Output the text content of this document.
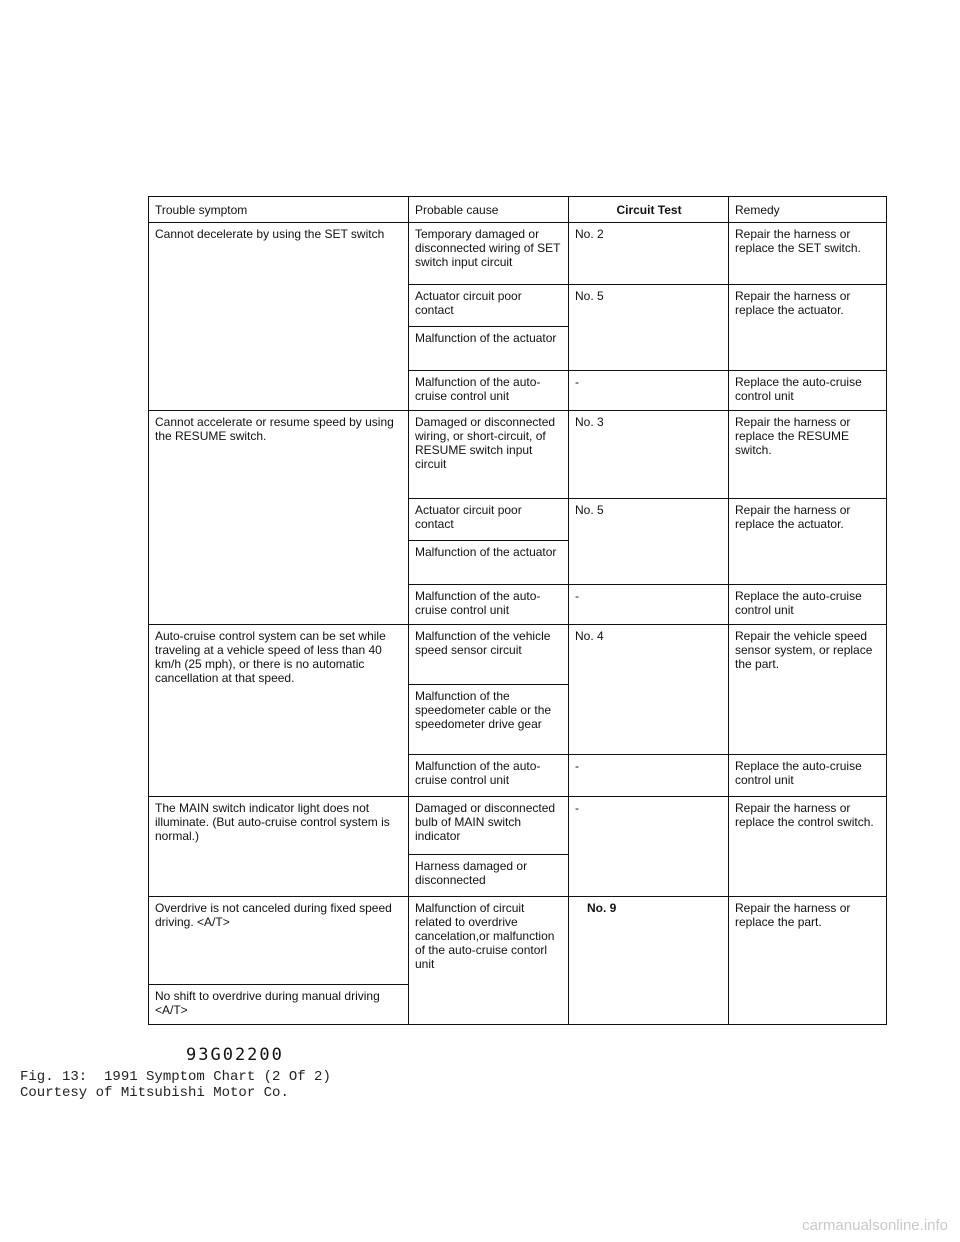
Trouble symptom	Probable cause	Circuit Test	Remedy
Cannot decelerate by using the SET switch	Temporary damaged or disconnected wiring of SET switch input circuit	No. 2	Repair the harness or replace the SET switch.
	Actuator circuit poor contact	No. 5	Repair the harness or replace the actuator.
	Malfunction of the actuator		
	Malfunction of the auto-cruise control unit	-	Replace the auto-cruise control unit
Cannot accelerate or resume speed by using the RESUME switch.	Damaged or disconnected wiring, or short-circuit, of RESUME switch input circuit	No. 3	Repair the harness or replace the RESUME switch.
	Actuator circuit poor contact	No. 5	Repair the harness or replace the actuator.
	Malfunction of the actuator		
	Malfunction of the auto-cruise control unit	-	Replace the auto-cruise control unit
Auto-cruise control system can be set while traveling at a vehicle speed of less than 40 km/h (25 mph), or there is no automatic cancellation at that speed.	Malfunction of the vehicle speed sensor circuit	No. 4	Repair the vehicle speed sensor system, or replace the part.
	Malfunction of the speedometer cable or the speedometer drive gear		
	Malfunction of the auto-cruise control unit	-	Replace the auto-cruise control unit
The MAIN switch indicator light does not illuminate. (But auto-cruise control system is normal.)	Damaged or disconnected bulb of MAIN switch indicator	-	Repair the harness or replace the control switch.
	Harness damaged or disconnected		
Overdrive is not canceled during fixed speed driving. <A/T>	Malfunction of circuit related to overdrive cancelation,or malfunction of the auto-cruise contorl unit	No. 9	Repair the harness or replace the part.
No shift to overdrive during manual driving <A/T>			
93G02200
Fig. 13:  1991 Symptom Chart (2 Of 2)
Courtesy of Mitsubishi Motor Co.
carmanualsonline.info
